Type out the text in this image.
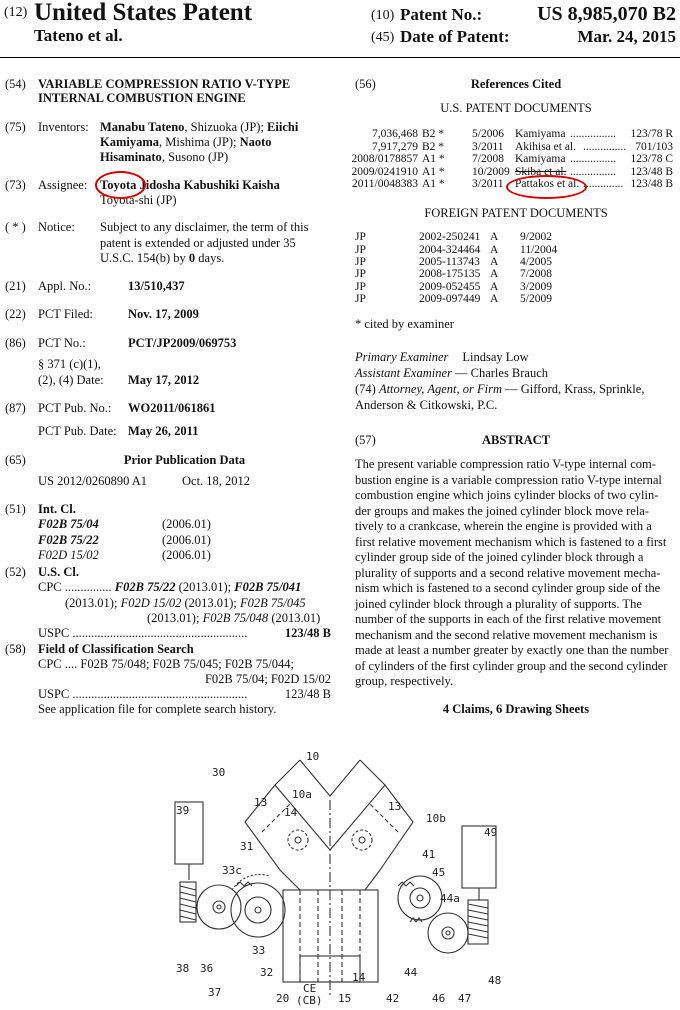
(12) United States Patent
Tateno et al.
(10) Patent No.:	US 8,985,070 B2
(45) Date of Patent:	Mar. 24, 2015
(54) VARIABLE COMPRESSION RATIO V-TYPE
INTERNAL COMBUSTION ENGINE
(75) Inventors: Manabu Tateno, Shizuoka (JP); Eiichi
Kamiyama, Mishima (JP); Naoto
Hisaminato, Susono (JP)
(73) Assignee: Toyota Jidosha Kabushiki Kaisha
Toyota-shi (JP)
( * ) Notice: Subject to any disclaimer, the term of this
patent is extended or adjusted under 35
U.S.C. 154(b) by 0 days.
(21) Appl. No.:	13/510,437
(22) PCT Filed:	Nov. 17, 2009
(86) PCT No.:	PCT/JP2009/069753
§ 371 (c)(1),
(2), (4) Date: May 17, 2012
(87) PCT Pub. No.: WO2011/061861
PCT Pub. Date: May 26, 2011
(65)	Prior Publication Data
US 2012/0260890 A1	Oct. 18, 2012
(51) Int. Cl.
F02B 75/04	(2006.01)
F02B 75/22	(2006.01)
F02D 15/02	(2006.01)
(52) U.S. Cl.
CPC ............... F02B 75/22 (2013.01); F02B 75/041
(2013.01); F02D 15/02 (2013.01); F02B 75/045
(2013.01); F02B 75/048 (2013.01)
USPC ........................................................	123/48 B
(58) Field of Classification Search
CPC .... F02B 75/048; F02B 75/045; F02B 75/044;
F02B 75/04; F02D 15/02
USPC ........................................................	123/48 B
See application file for complete search history.
(56)	References Cited
U.S. PATENT DOCUMENTS
7,036,468 B2 * 5/2006 Kamiyama ................ 123/78 R
7,917,279 B2 * 3/2011 Akihisa et al. ............... 701/103
2008/0178857 A1 * 7/2008 Kamiyama ................ 123/78 C
2009/0241910 A1 * 10/2009 Skiba et al. ................ 123/48 B
2011/0048383 A1 * 3/2011 Pattakos et al. .............. 123/48 B
FOREIGN PATENT DOCUMENTS
JP	2002-250241 A 9/2002
JP	2004-324464 A 11/2004
JP	2005-113743 A 4/2005
JP	2008-175135 A 7/2008
JP	2009-052455 A 3/2009
JP	2009-097449 A 5/2009
* cited by examiner
Primary Examiner Lindsay Low
Assistant Examiner — Charles Brauch
(74) Attorney, Agent, or Firm — Gifford, Krass, Sprinkle,
Anderson & Citkowski, P.C.
(57)	ABSTRACT
The present variable compression ratio V-type internal com-
bustion engine is a variable compression ratio V-type internal
combustion engine which joins cylinder blocks of two cylin-
der groups and makes the joined cylinder block move rela-
tively to a crankcase, wherein the engine is provided with a
first relative movement mechanism which is fastened to a first
cylinder group side of the joined cylinder block through a
plurality of supports and a second relative movement mecha-
nism which is fastened to a second cylinder group side of the
joined cylinder block through a plurality of supports. The
number of the supports in each of the first relative movement
mechanism and the second relative movement mechanism is
made at least a number greater by exactly one than the number
of cylinders of the first cylinder group and the second cylinder
group, respectively.
4 Claims, 6 Drawing Sheets
10
30
10a
39
13
14	13
10b
49
31
33c	45
41
44a
33
32	14	44
48
38 36
37	20
CE
(CB) 15	42	46 47
